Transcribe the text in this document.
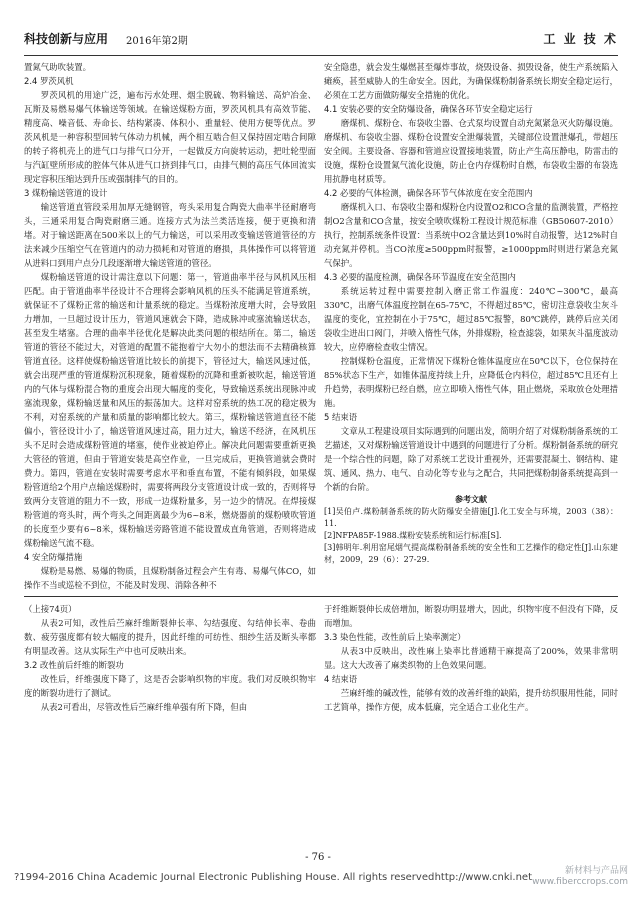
科技创新与应用 2016年第2期	工 业 技 术

置氮气助吹装置。

2.4 罗茨风机

罗茨风机的用途广泛，遍布污水处理、烟尘脱硫、物料输送、高炉冶金、瓦斯及易燃易爆气体输送等领域。在输送煤粉方面，罗茨风机具有高效节能、精度高、噪音低、寿命长、结构紧凑、体积小、重量轻、使用方便等优点。罗茨风机是一种容积型回转气体动力机械，两个相互啮合但又保持固定啮合间隙的转子将机壳上的进气口与排气口分开，一起做反方向旋转运动，把吐轮型面与汽缸壁所形成的腔体气体从进气口挤到排气口，由排气侧的高压气体回流实现定容积压缩达到升压或强制排气的目的。

3 煤粉输送管道的设计

输送管道直管段采用加厚无缝钢管，弯头采用复合陶瓷大曲率半径耐磨弯头，三通采用复合陶瓷耐磨三通。连接方式为法兰类活连接，便于更换和清堵。对于输送距离在500米以上的气力输送，可以采用改变输送管道管径的方法来减少压缩空气在管道内的动力损耗和对管道的磨损，具体操作可以将管道从进料口到用户点分几段逐渐增大输送管道的管径。

煤粉输送管道的设计需注意以下问题：第一，管道曲率半径与风机风压相匹配。由于管道曲率半径设计不合理将会影响风机的压头不能满足管道系统，就保证不了煤粉正常的输送和计量系统的稳定。当煤粉浓度增大时，会导致阻力增加，一旦超过设计压力，管道风速就会下降，造成脉冲或塞流输送状态，甚至发生堵塞。合理的曲率半径优化是解决此类问题的根结所在。第二，输送管道的管径不能过大，对管道的配置不能抱着宁大勿小的想法而不去精确核算管道直径。这样使煤粉输送管道比较长的前提下，管径过大，输送风速过低，就会出现严重的管道煤粉沉积现象，随着煤粉的沉降和重新被吹起，输送管道内的气体与煤粉混合物的重度会出现大幅度的变化，导致输送系统出现脉冲或塞流现象，煤粉输送量和风压的振荡加大。这样对窑系统的热工况的稳定极为不利，对窑系统的产量和质量的影响都比较大。第三，煤粉输送管道直径不能偏小，管径设计小了，输送管道风速过高，阻力过大，输送不经济，在风机压头不足时会造成煤粉管道的堵塞，使作业被迫停止。解决此问题需要重新更换大管径的管道，但由于管道安装是高空作业，一旦完成后，更换管道就会费时费力。第四，管道在安装时需要考虑水平和垂直布置，不能有倾斜段，如果煤粉管道给2个用户点输送煤粉时，需要将两段分支管道设计成一致的，否则将导致两分支管道的阻力不一致，形成一边煤粉量多，另一边少的情况。在焊接煤粉管道的弯头时，两个弯头之间距离最少为6~8米，燃烧器前的煤粉喷吹管道的长度至少要有6~8米，煤粉输送旁路管道不能设置成直角管道，否则将造成煤粉输送气流不稳。

4 安全防爆措施

煤粉是易燃、易爆的物质，且煤粉制备过程会产生有毒、易爆气体CO，如操作不当或巡检不到位，不能及时发现、消除各种不

安全隐患，就会发生爆燃甚至爆炸事故，烧毁设备、损毁设备，使生产系统陷入瘫痪，甚至威胁人的生命安全。因此，为确保煤粉制备系统长期安全稳定运行，必须在工艺方面做防爆安全措施的优化。

4.1 安装必要的安全防爆设备，确保各环节安全稳定运行

磨煤机、煤粉仓、布袋收尘器、仓式泵均设置自动充氮紧急灭火防爆设施。磨煤机、布袋收尘器、煤粉仓设置安全泄爆装置，关键部位设置泄爆孔，带超压安全阀。主要设备、容器和管道应设置接地装置，防止产生高压静电，防雷击的设施，煤粉仓设置氮气流化设施，防止仓内存煤粉时自燃，布袋收尘器的布袋选用抗静电材质等。

4.2 必要的气体检测，确保各环节气体浓度在安全范围内

磨煤机入口、布袋收尘器和煤粉仓内设置O2和CO含量的监测装置，严格控制O2含量和CO含量，按安全喷吹煤粉工程设计规范标准（GB50607-2010）执行，控制系统条件设置：当系统中O2含量达到10%时自动报警，达12%时自动充氮并停机。当CO浓度≥500ppm时报警，≥1000ppm时则进行紧急充氮气保护。

4.3 必要的温度检测，确保各环节温度在安全范围内

系统运转过程中需要控制入磨正常工作温度：240℃~300℃，最高330℃，出磨气体温度控制在65-75℃，不得超过85℃，密切注意袋收尘灰斗温度的变化，宜控制在小于75℃，超过85℃报警，80℃跳停，跳停后应关闭袋收尘进出口阀门，并喷入惰性气体，外排煤粉，检查滤袋，如果灰斗温度波动较大，应停磨检查收尘情况。

控制煤粉仓温度，正常情况下煤粉仓锥体温度应在50℃以下，仓位保持在85%状态下生产，如锥体温度持续上升，应降低仓内料位，超过85℃且还有上升趋势，表明煤粉已经自燃，应立即喷入惰性气体，阻止燃烧，采取放仓处理措施。

5 结束语

文章从工程建设项目实际遇到的问题出发，简明介绍了对煤粉制备系统的工艺描述，又对煤粉输送管道设计中遇到的问题进行了分析。煤粉制备系统的研究是一个综合性的问题，除了对系统工艺设计重视外，还需要混凝土、钢结构、建筑、通风、热力、电气、自动化等专业与之配合，共同把煤粉制备系统提高到一个新的台阶。

参考文献

[1]吴伯卢.煤粉制备系统的防火防爆安全措施[J].化工安全与环境，2003（38）：11.

[2]NFPA85F-1988.煤粉安装系统和运行标准[S].

[3]韩明年.利用窑尾烟气提高煤粉制备系统的安全性和工艺操作的稳定性[J].山东建材，2009，29（6）：27-29.

（上接74页）

从表2可知，改性后苎麻纤维断裂伸长率、勾结强度、勾结伸长率、卷曲数、疲劳强度都有较大幅度的提升，因此纤维的可纺性、细纱生活及断头率都有明显改善。这从实际生产中也可反映出来。

3.2 改性前后纤维的断裂功

改性后，纤维强度下降了，这是否会影响织物的牢度。我们对反映织物牢度的断裂功进行了测试。

从表2可看出，尽管改性后苎麻纤维单强有所下降，但由

于纤维断裂伸长成倍增加，断裂功明显增大，因此，织物牢度不但没有下降，反而增加。

3.3 染色性能，改性前后上染率测定）

从表3中反映出，改性麻上染率比普通精干麻提高了200%，效果非常明显。这大大改善了麻类织物的上色效果问题。

4 结束语

苎麻纤维的碱改性，能够有效的改善纤维的缺陷，提升纺织服用性能，同时工艺简单，操作方便，成本低廉，完全适合工业化生产。

- 76 -
?1994-2016 China Academic Journal Electronic Publishing House. All rights reserved.
http://www.cnki.net
新材料与产品网
www.fiberccrops.com
